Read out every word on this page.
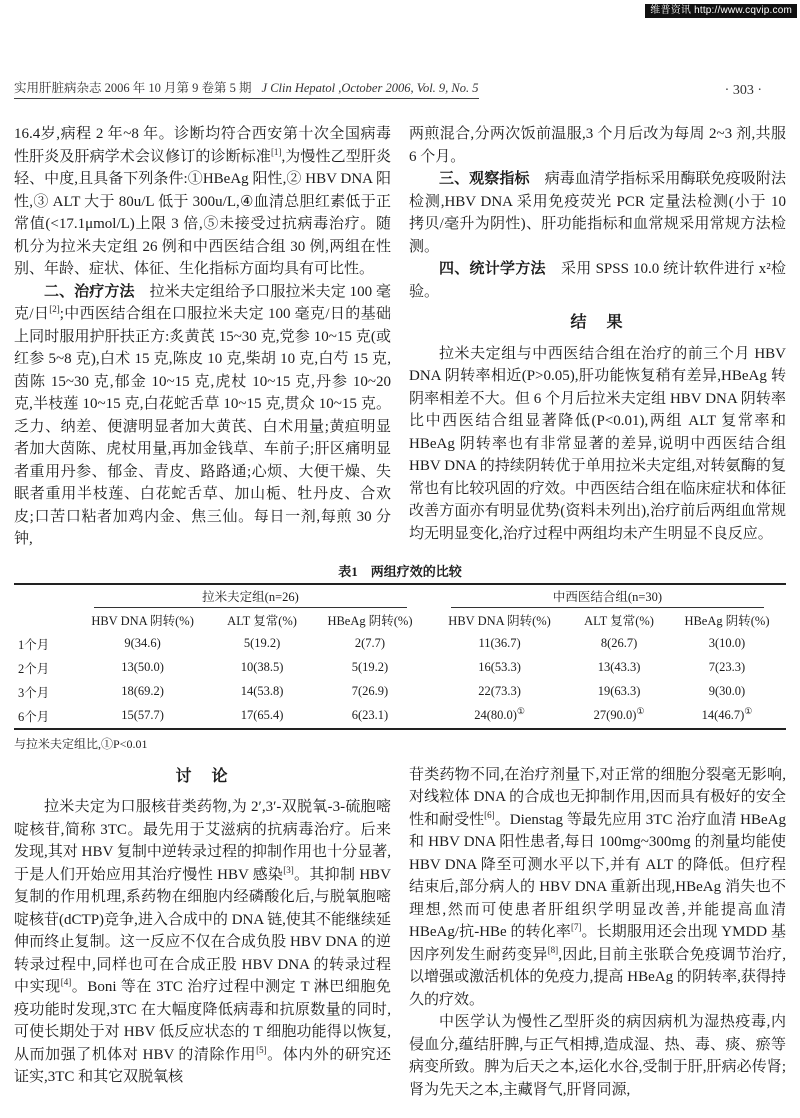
维普资讯 http://www.cqvip.com
实用肝脏病杂志 2006 年 10 月第 9 卷第 5 期 J Clin Hepatol ,October 2006, Vol. 9, No. 5	· 303 ·

16.4岁,病程 2 年~8 年。诊断均符合西安第十次全国病毒性肝炎及肝病学术会议修订的诊断标准[1],为慢性乙型肝炎轻、中度,且具备下列条件:①HBeAg 阳性,② HBV DNA 阳性,③ ALT 大于 80u/L 低于 300u/L,④血清总胆红素低于正常值(<17.1μmol/L)上限 3 倍,⑤未接受过抗病毒治疗。随机分为拉米夫定组 26 例和中西医结合组 30 例,两组在性别、年龄、症状、体征、生化指标方面均具有可比性。

二、治疗方法　拉米夫定组给予口服拉米夫定 100 毫克/日[2];中西医结合组在口服拉米夫定 100 毫克/日的基础上同时服用护肝扶正方:炙黄芪 15~30 克,党参 10~15 克(或红参 5~8 克),白术 15 克,陈皮 10 克,柴胡 10 克,白芍 15 克,茵陈 15~30 克,郁金 10~15 克,虎杖 10~15 克,丹参 10~20 克,半枝莲 10~15 克,白花蛇舌草 10~15 克,贯众 10~15 克。乏力、纳差、便溏明显者加大黄芪、白术用量;黄疸明显者加大茵陈、虎杖用量,再加金钱草、车前子;肝区痛明显者重用丹参、郁金、青皮、路路通;心烦、大便干燥、失眠者重用半枝莲、白花蛇舌草、加山栀、牡丹皮、合欢皮;口苦口粘者加鸡内金、焦三仙。每日一剂,每煎 30 分钟,

两煎混合,分两次饭前温服,3 个月后改为每周 2~3 剂,共服 6 个月。

三、观察指标　病毒血清学指标采用酶联免疫吸附法检测,HBV DNA 采用免疫荧光 PCR 定量法检测(小于 10 拷贝/毫升为阴性)、肝功能指标和血常规采用常规方法检测。

四、统计学方法　采用 SPSS 10.0 统计软件进行 x²检验。

结　果

拉米夫定组与中西医结合组在治疗的前三个月 HBV DNA 阴转率相近(P>0.05),肝功能恢复稍有差异,HBeAg 转阴率相差不大。但 6 个月后拉米夫定组 HBV DNA 阴转率比中西医结合组显著降低(P<0.01),两组 ALT 复常率和 HBeAg 阴转率也有非常显著的差异,说明中西医结合组 HBV DNA 的持续阴转优于单用拉米夫定组,对转氨酶的复常也有比较巩固的疗效。中西医结合组在临床症状和体征改善方面亦有明显优势(资料未列出),治疗前后两组血常规均无明显变化,治疗过程中两组均未产生明显不良反应。

表1　两组疗效的比较

	拉米夫定组(n=26)			中西医结合组(n=30)		

	HBV DNA 阴转(%)	ALT 复常(%)	HBeAg 阴转(%)	HBV DNA 阴转(%)	ALT 复常(%)	HBeAg 阴转(%)
1个月	9(34.6)	5(19.2)	2(7.7)	11(36.7)	8(26.7)	3(10.0)
2个月	13(50.0)	10(38.5)	5(19.2)	16(53.3)	13(43.3)	7(23.3)
3个月	18(69.2)	14(53.8)	7(26.9)	22(73.3)	19(63.3)	9(30.0)
6个月	15(57.7)	17(65.4)	6(23.1)	24(80.0)①	27(90.0)①	14(46.7)①
与拉米夫定组比,①P<0.01
讨　论

拉米夫定为口服核苷类药物,为 2′,3′-双脱氧-3-硫胞嘧啶核苷,简称 3TC。最先用于艾滋病的抗病毒治疗。后来发现,其对 HBV 复制中逆转录过程的抑制作用也十分显著,于是人们开始应用其治疗慢性 HBV 感染[3]。其抑制 HBV 复制的作用机理,系药物在细胞内经磷酸化后,与脱氧胞嘧啶核苷(dCTP)竞争,进入合成中的 DNA 链,使其不能继续延伸而终止复制。这一反应不仅在合成负股 HBV DNA 的逆转录过程中,同样也可在合成正股 HBV DNA 的转录过程中实现[4]。Boni 等在 3TC 治疗过程中测定 T 淋巴细胞免疫功能时发现,3TC 在大幅度降低病毒和抗原数量的同时,可使长期处于对 HBV 低反应状态的 T 细胞功能得以恢复,从而加强了机体对 HBV 的清除作用[5]。体内外的研究还证实,3TC 和其它双脱氧核

苷类药物不同,在治疗剂量下,对正常的细胞分裂毫无影响,对线粒体 DNA 的合成也无抑制作用,因而具有极好的安全性和耐受性[6]。Dienstag 等最先应用 3TC 治疗血清 HBeAg 和 HBV DNA 阳性患者,每日 100mg~300mg 的剂量均能使 HBV DNA 降至可测水平以下,并有 ALT 的降低。但疗程结束后,部分病人的 HBV DNA 重新出现,HBeAg 消失也不理想,然而可使患者肝组织学明显改善,并能提高血清 HBeAg/抗-HBe 的转化率[7]。长期服用还会出现 YMDD 基因序列发生耐药变异[8],因此,目前主张联合免疫调节治疗,以增强或激活机体的免疫力,提高 HBeAg 的阴转率,获得持久的疗效。

中医学认为慢性乙型肝炎的病因病机为湿热疫毒,内侵血分,蕴结肝脾,与正气相搏,造成湿、热、毒、痰、瘀等病变所致。脾为后天之本,运化水谷,受制于肝,肝病必传肾;肾为先天之本,主藏肾气,肝肾同源,
